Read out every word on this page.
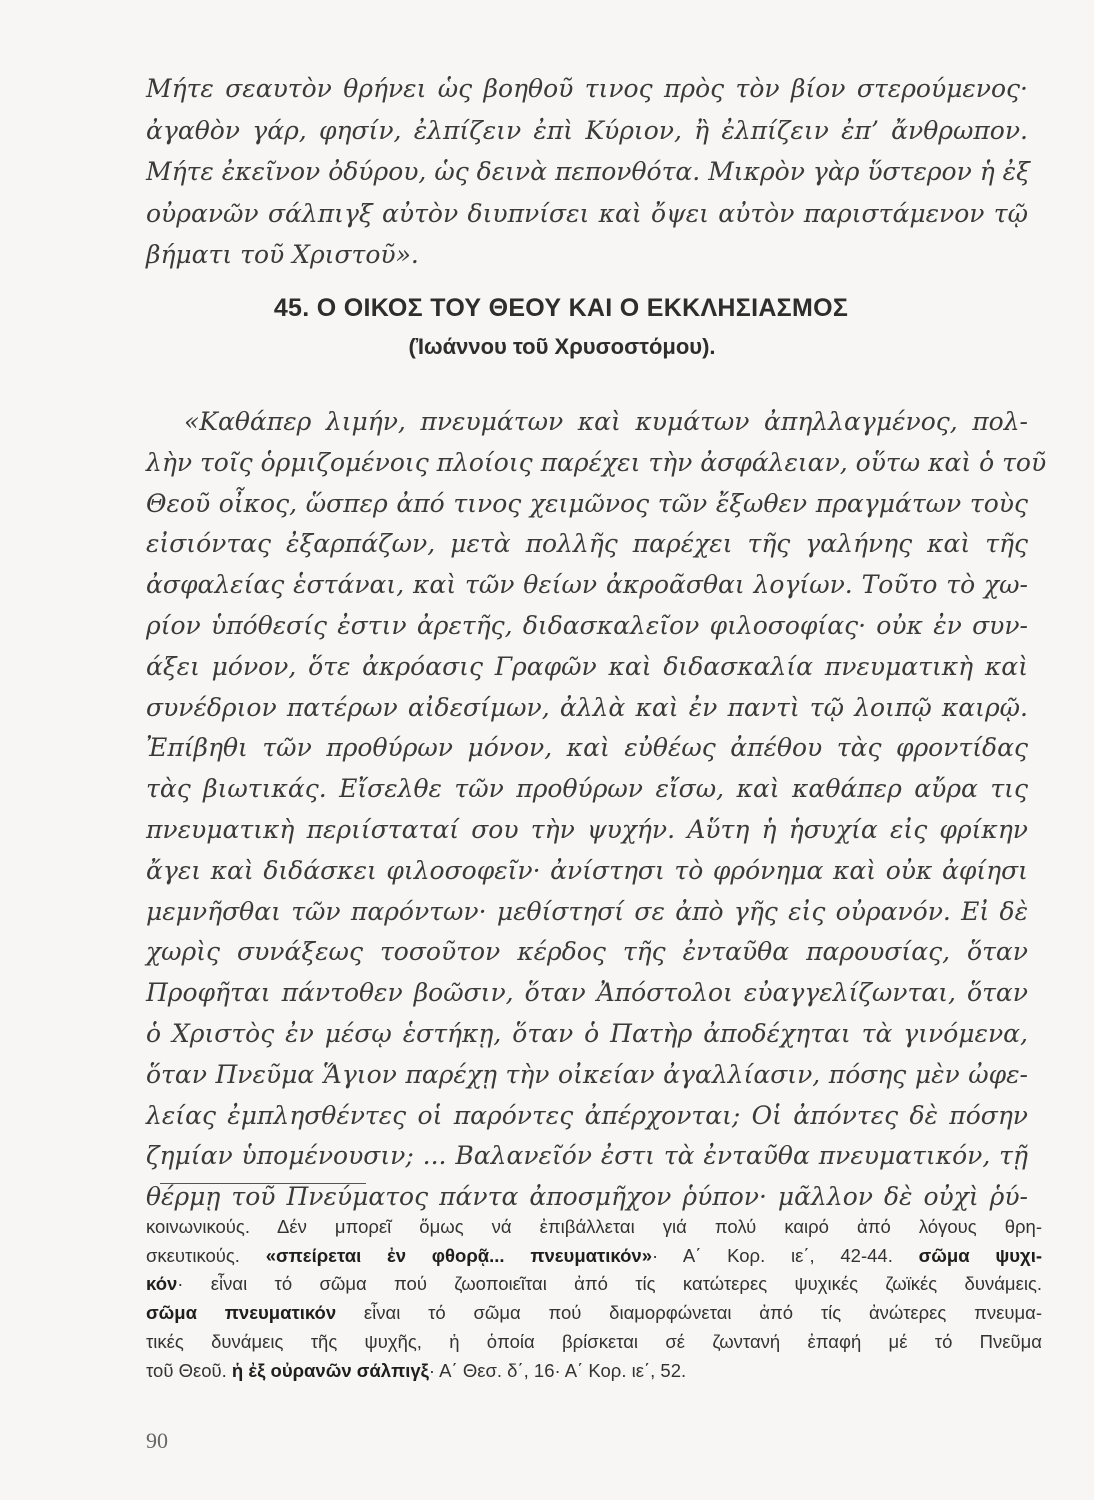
Μήτε σεαυτὸν θρήνει ὡς βοηθοῦ τινος πρὸς τὸν βίον στερούμενος·
ἀγαθὸν γάρ, φησίν, ἐλπίζειν ἐπὶ Κύριον, ἢ ἐλπίζειν ἐπ’ ἄνθρωπον.
Μήτε ἐκεῖνον ὀδύρου, ὡς δεινὰ πεπονθότα. Μικρὸν γὰρ ὕστερον ἡ ἐξ
οὐρανῶν σάλπιγξ αὐτὸν διυπνίσει καὶ ὄψει αὐτὸν παριστάμενον τῷ
βήματι τοῦ Χριστοῦ».
45. Ο ΟΙΚΟΣ ΤΟΥ ΘΕΟΥ ΚΑΙ Ο ΕΚΚΛΗΣΙΑΣΜΟΣ
(Ἰωάννου τοῦ Χρυσοστόμου).
«Καθάπερ λιμήν, πνευμάτων καὶ κυμάτων ἀπηλλαγμένος, πολ-
λὴν τοῖς ὁρμιζομένοις πλοίοις παρέχει τὴν ἀσφάλειαν, οὕτω καὶ ὁ τοῦ
Θεοῦ οἶκος, ὥσπερ ἀπό τινος χειμῶνος τῶν ἔξωθεν πραγμάτων τοὺς
εἰσιόντας ἐξαρπάζων, μετὰ πολλῆς παρέχει τῆς γαλήνης καὶ τῆς
ἀσφαλείας ἑστάναι, καὶ τῶν θείων ἀκροᾶσθαι λογίων. Τοῦτο τὸ χω-
ρίον ὑπόθεσίς ἐστιν ἀρετῆς, διδασκαλεῖον φιλοσοφίας· οὐκ ἐν συν-
άξει μόνον, ὅτε ἀκρόασις Γραφῶν καὶ διδασκαλία πνευματικὴ καὶ
συνέδριον πατέρων αἰδεσίμων, ἀλλὰ καὶ ἐν παντὶ τῷ λοιπῷ καιρῷ.
Ἐπίβηθι τῶν προθύρων μόνον, καὶ εὐθέως ἀπέθου τὰς φροντίδας
τὰς βιωτικάς. Εἴσελθε τῶν προθύρων εἴσω, καὶ καθάπερ αὔρα τις
πνευματικὴ περιίσταταί σου τὴν ψυχήν. Αὕτη ἡ ἡσυχία εἰς φρίκην
ἄγει καὶ διδάσκει φιλοσοφεῖν· ἀνίστησι τὸ φρόνημα καὶ οὐκ ἀφίησι
μεμνῆσθαι τῶν παρόντων· μεθίστησί σε ἀπὸ γῆς εἰς οὐρανόν. Εἰ δὲ
χωρὶς συνάξεως τοσοῦτον κέρδος τῆς ἐνταῦθα παρουσίας, ὅταν
Προφῆται πάντοθεν βοῶσιν, ὅταν Ἀπόστολοι εὐαγγελίζωνται, ὅταν
ὁ Χριστὸς ἐν μέσῳ ἑστήκῃ, ὅταν ὁ Πατὴρ ἀποδέχηται τὰ γινόμενα,
ὅταν Πνεῦμα Ἅγιον παρέχῃ τὴν οἰκείαν ἀγαλλίασιν, πόσης μὲν ὠφε-
λείας ἐμπλησθέντες οἱ παρόντες ἀπέρχονται; Οἱ ἀπόντες δὲ πόσην
ζημίαν ὑπομένουσιν; ... Βαλανεῖόν ἐστι τὰ ἐνταῦθα πνευματικόν, τῇ
θέρμῃ τοῦ Πνεύματος πάντα ἀποσμῆχον ῥύπον· μᾶλλον δὲ οὐχὶ ῥύ-
κοινωνικούς. Δέν μπορεῖ ὅμως νά ἐπιβάλλεται γιά πολύ καιρό ἀπό λόγους θρη-
σκευτικούς. «σπείρεται ἐν φθορᾷ... πνευματικόν»· Α΄ Κορ. ιε΄, 42-44. σῶμα ψυχι-
κόν· εἶναι τό σῶμα πού ζωοποιεῖται ἀπό τίς κατώτερες ψυχικές ζωϊκές δυνάμεις.
σῶμα πνευματικόν εἶναι τό σῶμα πού διαμορφώνεται ἀπό τίς ἀνώτερες πνευμα-
τικές δυνάμεις τῆς ψυχῆς, ἡ ὁποία βρίσκεται σέ ζωντανή ἐπαφή μέ τό Πνεῦμα
τοῦ Θεοῦ. ἡ ἐξ οὐρανῶν σάλπιγξ· Α΄ Θεσ. δ΄, 16· Α΄ Κορ. ιε΄, 52.
90
